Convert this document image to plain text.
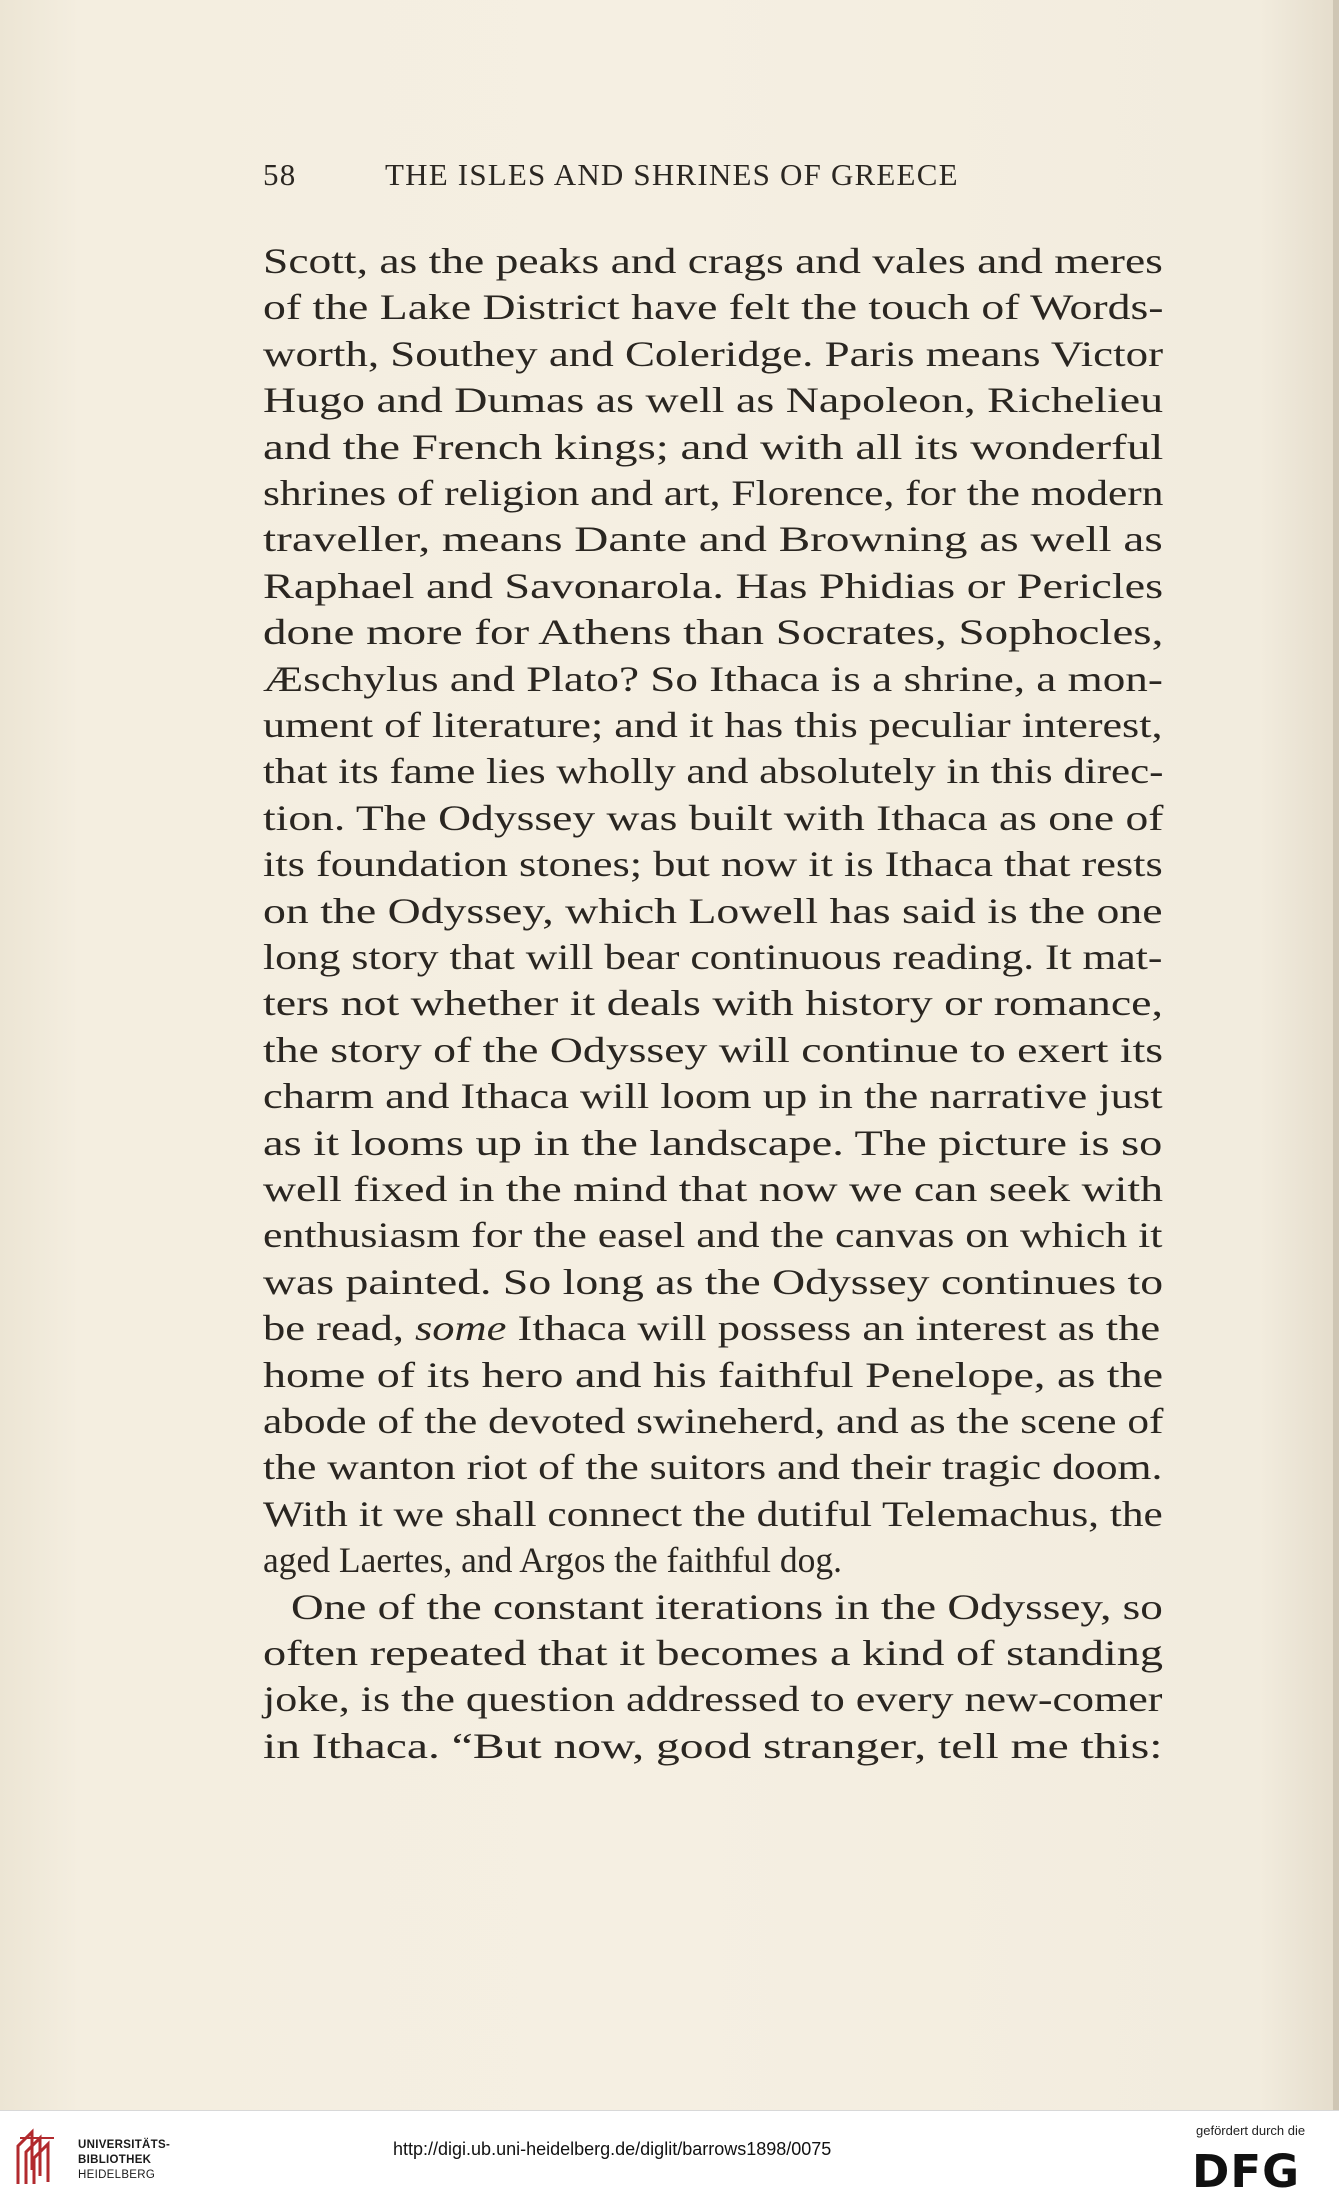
58	THE ISLES AND SHRINES OF GREECE
Scott, as the peaks and crags and vales and meres
of the Lake District have felt the touch of Words-
worth, Southey and Coleridge. Paris means Victor
Hugo and Dumas as well as Napoleon, Richelieu
and the French kings; and with all its wonderful
shrines of religion and art, Florence, for the modern
traveller, means Dante and Browning as well as
Raphael and Savonarola. Has Phidias or Pericles
done more for Athens than Socrates, Sophocles,
Æschylus and Plato? So Ithaca is a shrine, a mon-
ument of literature; and it has this peculiar interest,
that its fame lies wholly and absolutely in this direc-
tion. The Odyssey was built with Ithaca as one of
its foundation stones; but now it is Ithaca that rests
on the Odyssey, which Lowell has said is the one
long story that will bear continuous reading. It mat-
ters not whether it deals with history or romance,
the story of the Odyssey will continue to exert its
charm and Ithaca will loom up in the narrative just
as it looms up in the landscape. The picture is so
well fixed in the mind that now we can seek with
enthusiasm for the easel and the canvas on which it
was painted. So long as the Odyssey continues to
be read, some Ithaca will possess an interest as the
home of its hero and his faithful Penelope, as the
abode of the devoted swineherd, and as the scene of
the wanton riot of the suitors and their tragic doom.
With it we shall connect the dutiful Telemachus, the
aged Laertes, and Argos the faithful dog.
One of the constant iterations in the Odyssey, so
often repeated that it becomes a kind of standing
joke, is the question addressed to every new-comer
in Ithaca. “But now, good stranger, tell me this:
UNIVERSITÄTS-
BIBLIOTHEK
HEIDELBERG
http://digi.ub.uni-heidelberg.de/diglit/barrows1898/0075
gefördert durch die
DFG
